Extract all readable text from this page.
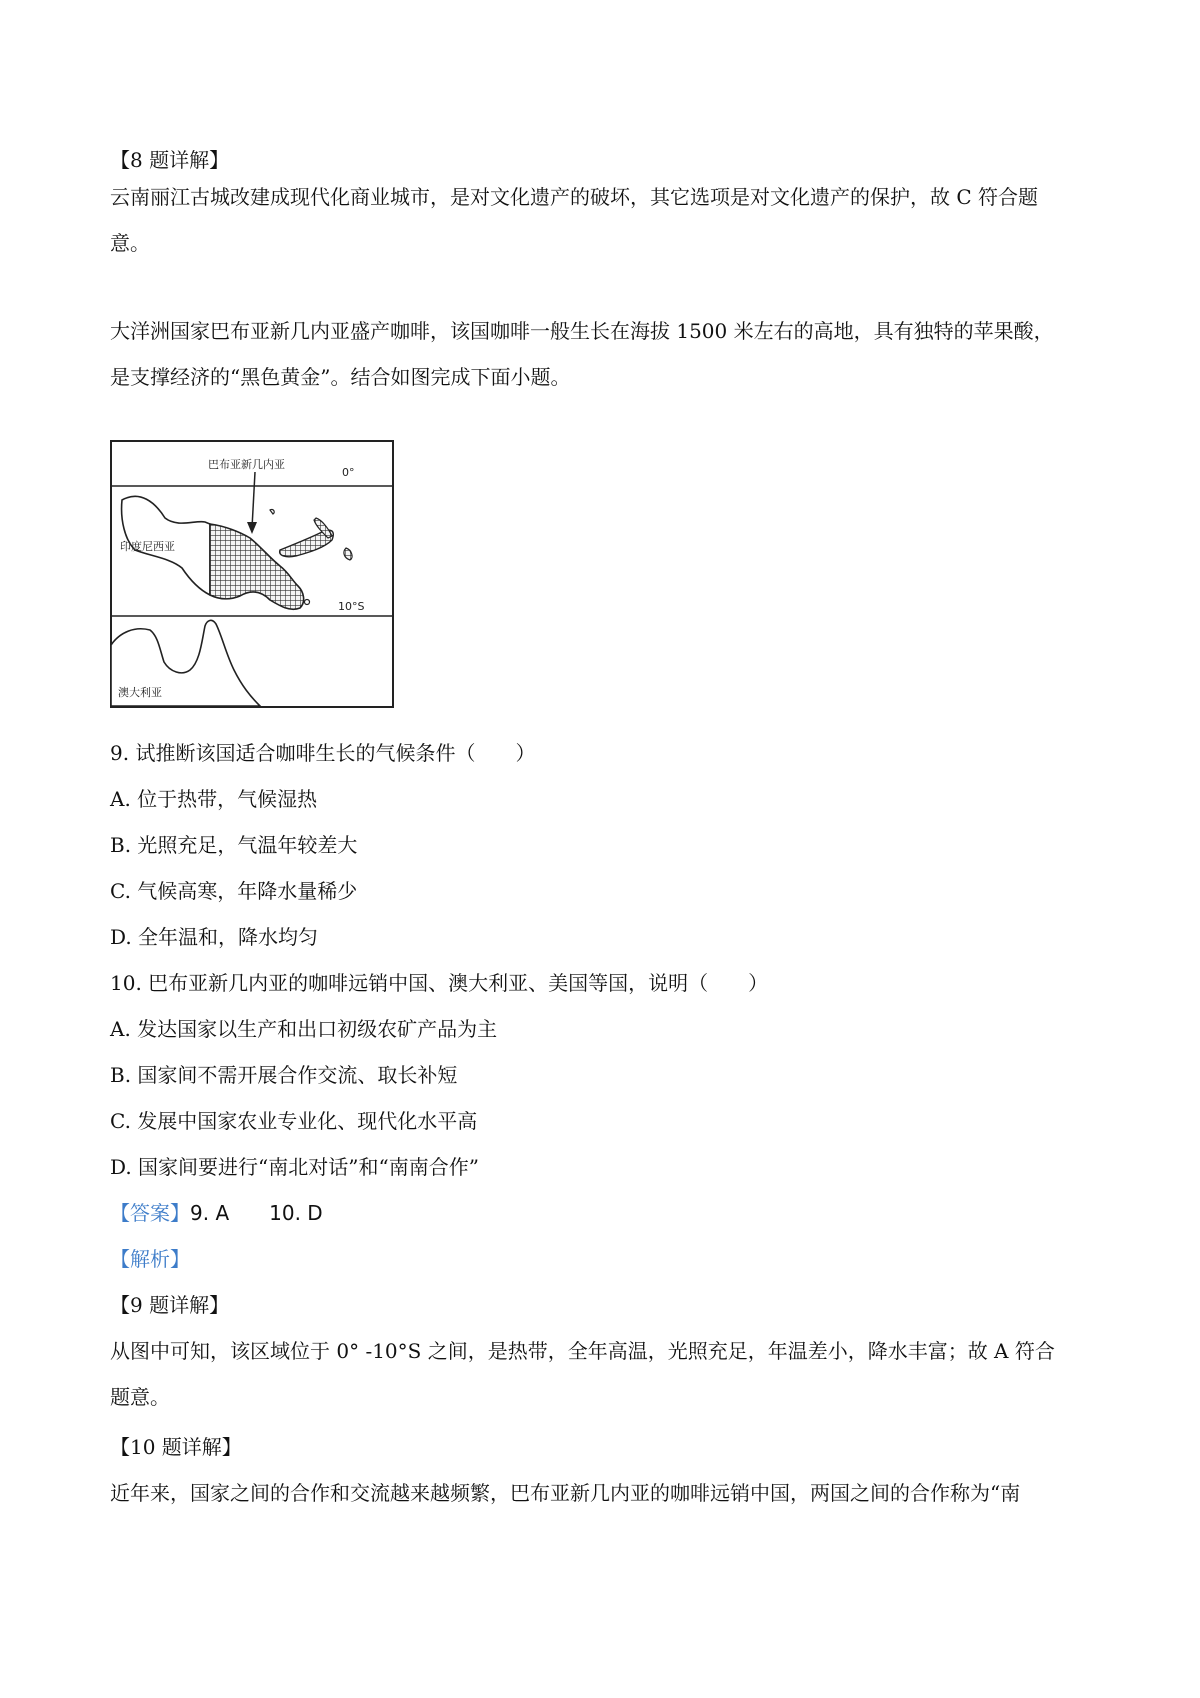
【8 题详解】
云南丽江古城改建成现代化商业城市，是对文化遗产的破坏，其它选项是对文化遗产的保护，故 C 符合题
意。
大洋洲国家巴布亚新几内亚盛产咖啡，该国咖啡一般生长在海拔 1500 米左右的高地，具有独特的苹果酸，
是支撑经济的“黑色黄金”。结合如图完成下面小题。
巴布亚新几内亚
0°
印度尼西亚
10°S
澳大利亚
9. 试推断该国适合咖啡生长的气候条件（　　）
A. 位于热带，气候湿热
B. 光照充足，气温年较差大
C. 气候高寒，年降水量稀少
D. 全年温和，降水均匀
10. 巴布亚新几内亚的咖啡远销中国、澳大利亚、美国等国，说明（　　）
A. 发达国家以生产和出口初级农矿产品为主
B. 国家间不需开展合作交流、取长补短
C. 发展中国家农业专业化、现代化水平高
D. 国家间要进行“南北对话”和“南南合作”
【答案】9. A 10. D
【解析】
【9 题详解】
从图中可知，该区域位于 0° -10°S 之间，是热带，全年高温，光照充足，年温差小，降水丰富；故 A 符合
题意。
【10 题详解】
近年来，国家之间的合作和交流越来越频繁，巴布亚新几内亚的咖啡远销中国，两国之间的合作称为“南
